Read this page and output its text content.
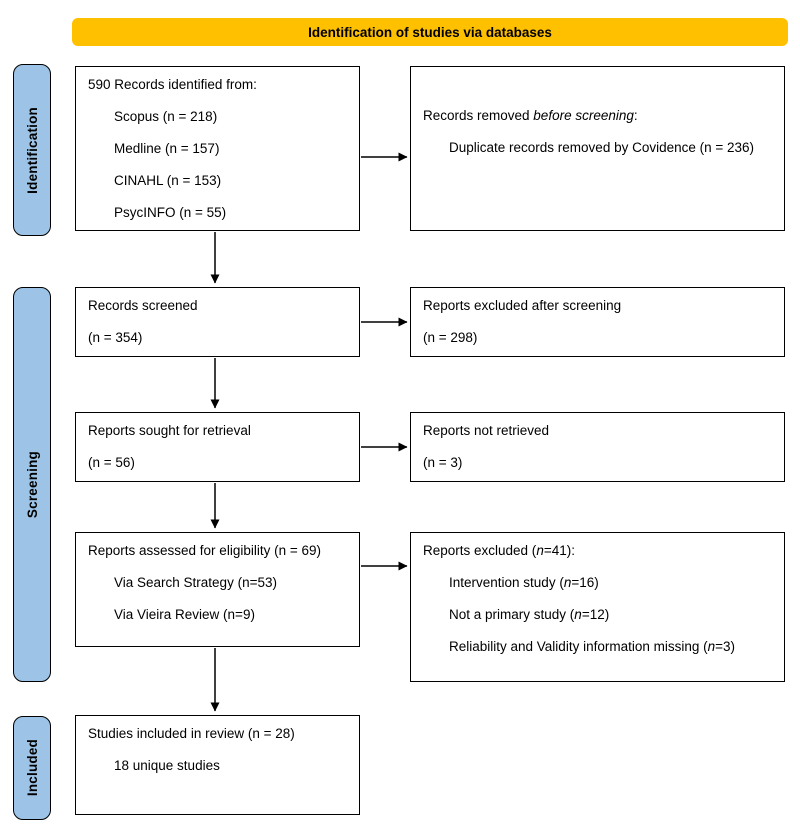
Identification of studies via databases
Identification
Screening
Included
590 Records identified from:
Scopus (n = 218)
Medline (n = 157)
CINAHL (n = 153)
PsycINFO (n = 55)
Records removed before screening:
Duplicate records removed by Covidence (n = 236)
Records screened
(n = 354)
Reports excluded after screening
(n = 298)
Reports sought for retrieval
(n = 56)
Reports not retrieved
(n = 3)
Reports assessed for eligibility (n = 69)
Via Search Strategy (n=53)
Via Vieira Review (n=9)
Reports excluded (n=41):
Intervention study (n=16)
Not a primary study (n=12)
Reliability and Validity information missing (n=3)
Studies included in review (n = 28)
18 unique studies
